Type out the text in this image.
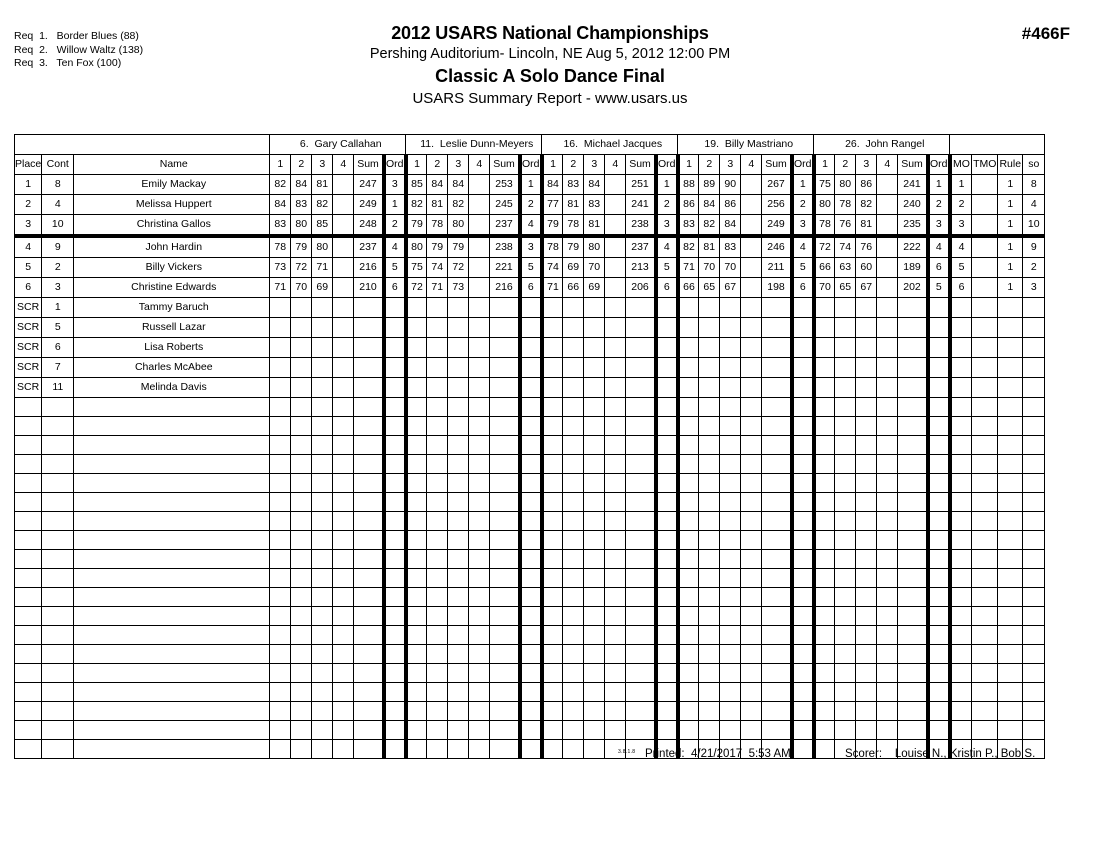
Req  1.   Border Blues (88)
Req  2.   Willow Waltz (138)
Req  3.   Ten Fox (100)
2012 USARS National Championships
Pershing Auditorium- Lincoln, NE Aug 5, 2012 12:00 PM
Classic A Solo Dance Final
USARS Summary Report - www.usars.us
#466F
			6.  Gary Callahan						11.  Leslie Dunn-Meyers						16.  Michael Jacques						19.  Billy Mastriano						26.  John Rangel									
Place	Cont	Name	1	2	3	4	Sum	Ord	1	2	3	4	Sum	Ord	1	2	3	4	Sum	Ord	1	2	3	4	Sum	Ord	1	2	3	4	Sum	Ord	MO	TMO	Rule	so
1	8	Emily Mackay	82	84	81		247	3	85	84	84		253	1	84	83	84		251	1	88	89	90		267	1	75	80	86		241	1	1		1	8
2	4	Melissa Huppert	84	83	82		249	1	82	81	82		245	2	77	81	83		241	2	86	84	86		256	2	80	78	82		240	2	2		1	4
3	10	Christina Gallos	83	80	85		248	2	79	78	80		237	4	79	78	81		238	3	83	82	84		249	3	78	76	81		235	3	3		1	10
4	9	John Hardin	78	79	80		237	4	80	79	79		238	3	78	79	80		237	4	82	81	83		246	4	72	74	76		222	4	4		1	9
5	2	Billy Vickers	73	72	71		216	5	75	74	72		221	5	74	69	70		213	5	71	70	70		211	5	66	63	60		189	6	5		1	2
6	3	Christine Edwards	71	70	69		210	6	72	71	73		216	6	71	66	69		206	6	66	65	67		198	6	70	65	67		202	5	6		1	3
SCR	1	Tammy Baruch																																		
SCR	5	Russell Lazar																																		
SCR	6	Lisa Roberts																																		
SCR	7	Charles McAbee																																		
SCR	11	Melinda Davis																																		

3.8.1.8 Printed:  4/21/2017  5:53 AM	Scorer:    Louise N., Kristin P., Bob S.
